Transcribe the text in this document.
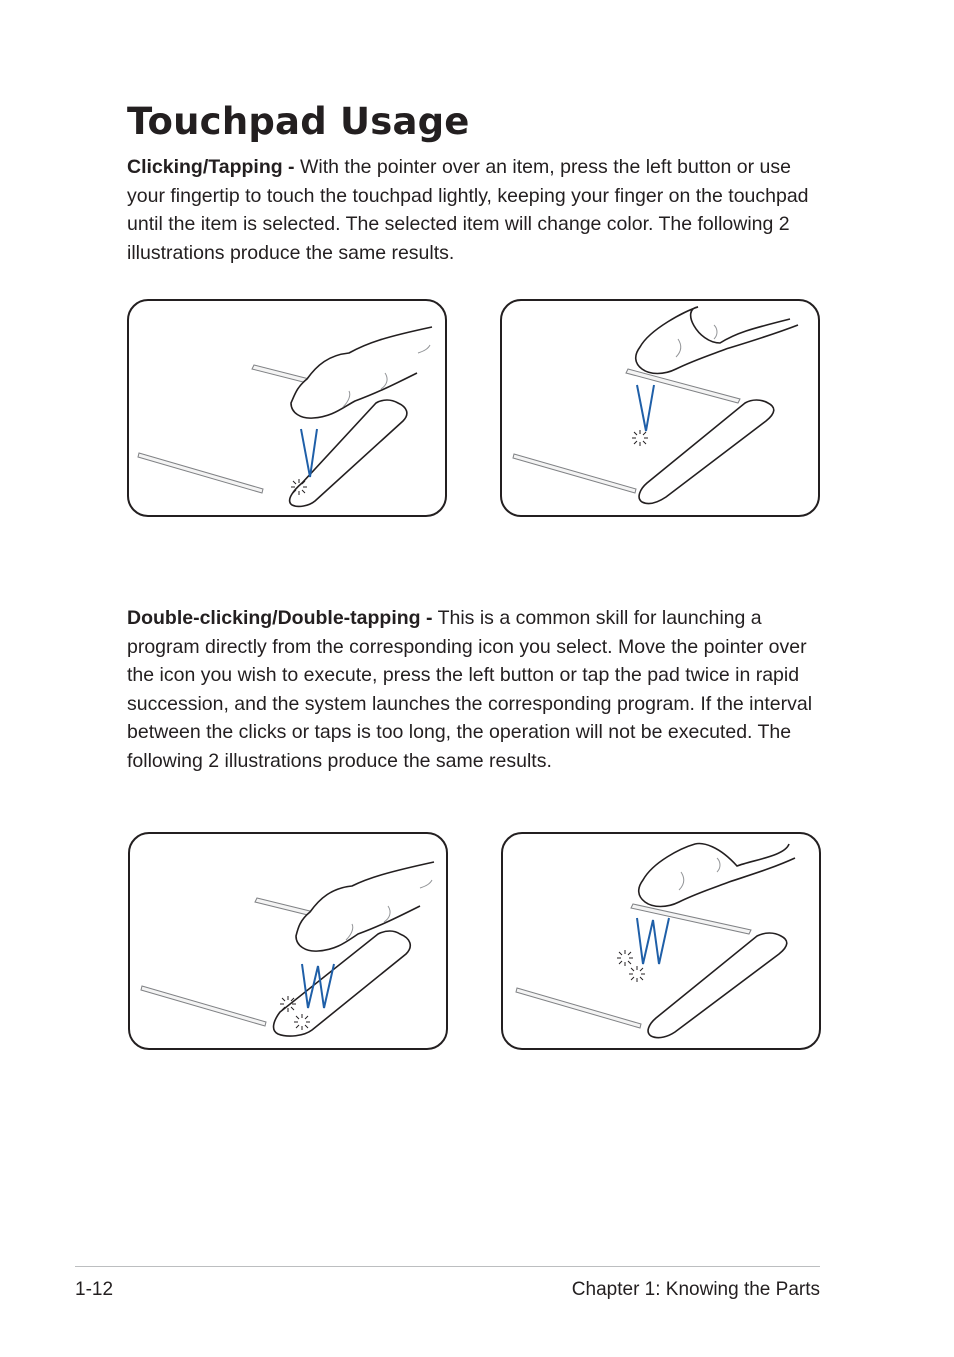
Touchpad Usage

Clicking/Tapping - With the pointer over an item, press the left button or use your fingertip to touch the touchpad lightly, keeping your finger on the touchpad until the item is selected. The selected item will change color. The following 2 illustrations produce the same results.

Double-clicking/Double-tapping - This is a common skill for launching a program directly from the corresponding icon you select. Move the pointer over the icon you wish to execute, press the left button or tap the pad twice in rapid succession, and the system launches the corresponding program. If the interval between the clicks or taps is too long, the operation will not be executed. The following 2 illustrations produce the same results.

1-12	Chapter 1: Knowing the Parts
